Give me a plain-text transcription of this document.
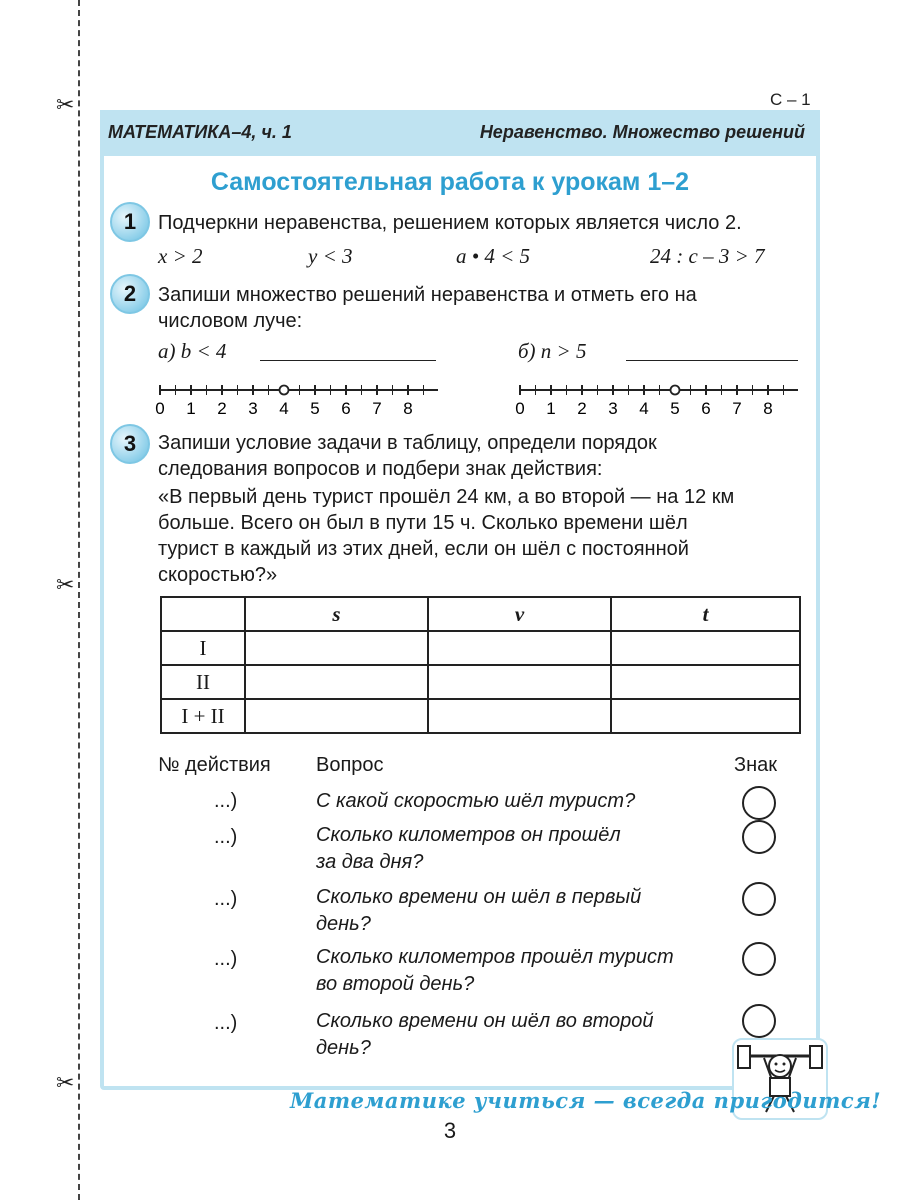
✂
✂
✂
С – 1
МАТЕМАТИКА–4, ч. 1	Неравенство. Множество решений
Самостоятельная работа к урокам 1–2
1	Подчеркни неравенства, решением которых является число 2.
x > 2	y < 3	a • 4 < 5	24 : c – 3 > 7
2	Запиши множество решений неравенства и отметь его на
числовом луче:
а) b < 4	б) n > 5
0 1 2 3 4 5 6 7 8	0 1 2 3 4 5 6 7 8
3	Запиши условие задачи в таблицу, определи порядок
следования вопросов и подбери знак действия:
«В первый день турист прошёл 24 км, а во второй — на 12 км
больше. Всего он был в пути 15 ч. Сколько времени шёл
турист в каждый из этих дней, если он шёл с постоянной
скоростью?»
	s	v	t
I			
II			
I + II			
№ действия Вопрос	Знак
...)	С какой скоростью шёл турист?
...)	Сколько километров он прошёл
за два дня?
...)	Сколько времени он шёл в первый
день?
...)	Сколько километров прошёл турист
во второй день?
...)	Сколько времени он шёл во второй
день?
Математике учиться — всегда пригодится!
3
